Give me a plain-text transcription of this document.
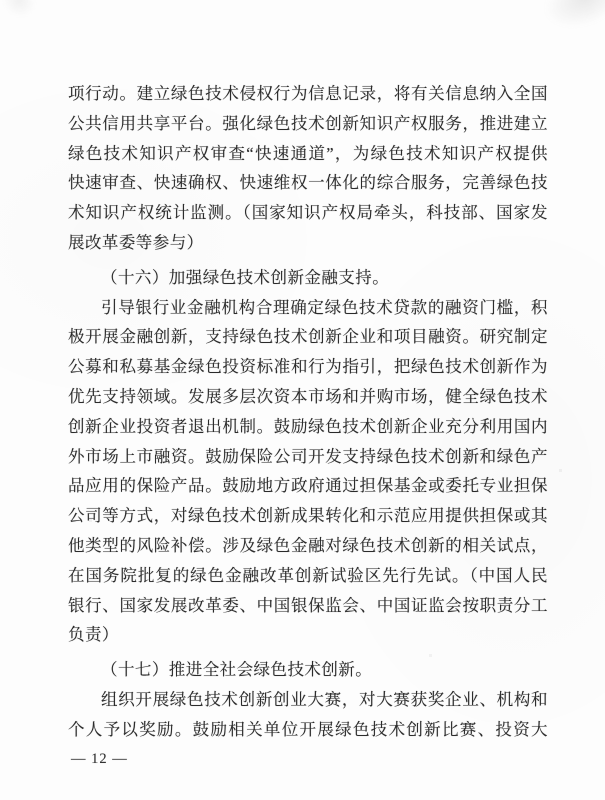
项行动。建立绿色技术侵权行为信息记录，将有关信息纳入全国
公共信用共享平台。强化绿色技术创新知识产权服务，推进建立
绿色技术知识产权审查“快速通道”，为绿色技术知识产权提供
快速审查、快速确权、快速维权一体化的综合服务，完善绿色技
术知识产权统计监测。（国家知识产权局牵头，科技部、国家发
展改革委等参与）
（十六）加强绿色技术创新金融支持。
引导银行业金融机构合理确定绿色技术贷款的融资门槛，积
极开展金融创新，支持绿色技术创新企业和项目融资。研究制定
公募和私募基金绿色投资标准和行为指引，把绿色技术创新作为
优先支持领域。发展多层次资本市场和并购市场，健全绿色技术
创新企业投资者退出机制。鼓励绿色技术创新企业充分利用国内
外市场上市融资。鼓励保险公司开发支持绿色技术创新和绿色产
品应用的保险产品。鼓励地方政府通过担保基金或委托专业担保
公司等方式，对绿色技术创新成果转化和示范应用提供担保或其
他类型的风险补偿。涉及绿色金融对绿色技术创新的相关试点，
在国务院批复的绿色金融改革创新试验区先行先试。（中国人民
银行、国家发展改革委、中国银保监会、中国证监会按职责分工
负责）
（十七）推进全社会绿色技术创新。
组织开展绿色技术创新创业大赛，对大赛获奖企业、机构和
个人予以奖励。鼓励相关单位开展绿色技术创新比赛、投资大
— 12 —
